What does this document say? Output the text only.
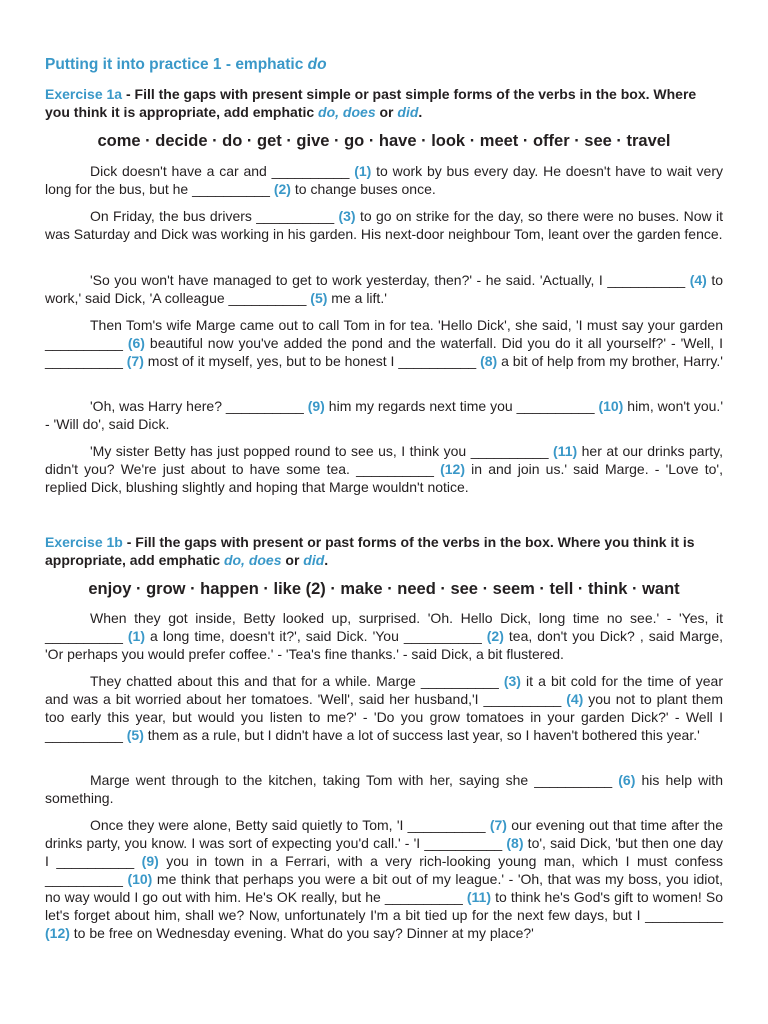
Putting it into practice 1 - emphatic do
Exercise 1a - Fill the gaps with present simple or past simple forms of the verbs in the box. Where you think it is appropriate, add emphatic do, does or did.
come · decide · do · get · give · go · have · look · meet · offer · see · travel

Dick doesn't have a car and __________ (1) to work by bus every day. He doesn't have to wait very long for the bus, but he __________ (2) to change buses once.

On Friday, the bus drivers __________ (3) to go on strike for the day, so there were no buses. Now it was Saturday and Dick was working in his garden. His next-door neighbour Tom, leant over the garden fence.

'So you won't have managed to get to work yesterday, then?' - he said. 'Actually, I __________ (4) to work,' said Dick, 'A colleague __________ (5) me a lift.'

Then Tom's wife Marge came out to call Tom in for tea. 'Hello Dick', she said, 'I must say your garden __________ (6) beautiful now you've added the pond and the waterfall. Did you do it all yourself?' - 'Well, I __________ (7) most of it myself, yes, but to be honest I __________ (8) a bit of help from my brother, Harry.'

'Oh, was Harry here? __________ (9) him my regards next time you __________ (10) him, won't you.' - 'Will do', said Dick.

'My sister Betty has just popped round to see us, I think you __________ (11) her at our drinks party, didn't you? We're just about to have some tea. __________ (12) in and join us.' said Marge. - 'Love to', replied Dick, blushing slightly and hoping that Marge wouldn't notice.

Exercise 1b - Fill the gaps with present or past forms of the verbs in the box. Where you think it is appropriate, add emphatic do, does or did.
enjoy · grow · happen · like (2) · make · need · see · seem · tell · think · want

When they got inside, Betty looked up, surprised. 'Oh. Hello Dick, long time no see.' - 'Yes, it __________ (1) a long time, doesn't it?', said Dick. 'You __________ (2) tea, don't you Dick? , said Marge, 'Or perhaps you would prefer coffee.' - 'Tea's fine thanks.' - said Dick, a bit flustered.

They chatted about this and that for a while. Marge __________ (3) it a bit cold for the time of year and was a bit worried about her tomatoes. 'Well', said her husband,'I __________ (4) you not to plant them too early this year, but would you listen to me?' - 'Do you grow tomatoes in your garden Dick?' - Well I __________ (5) them as a rule, but I didn't have a lot of success last year, so I haven't bothered this year.'

Marge went through to the kitchen, taking Tom with her, saying she __________ (6) his help with something.

Once they were alone, Betty said quietly to Tom, 'I __________ (7) our evening out that time after the drinks party, you know. I was sort of expecting you'd call.' - 'I __________ (8) to', said Dick, 'but then one day I __________ (9) you in town in a Ferrari, with a very rich-looking young man, which I must confess __________ (10) me think that perhaps you were a bit out of my league.' - 'Oh, that was my boss, you idiot, no way would I go out with him. He's OK really, but he __________ (11) to think he's God's gift to women! So let's forget about him, shall we? Now, unfortunately I'm a bit tied up for the next few days, but I __________ (12) to be free on Wednesday evening. What do you say? Dinner at my place?'
